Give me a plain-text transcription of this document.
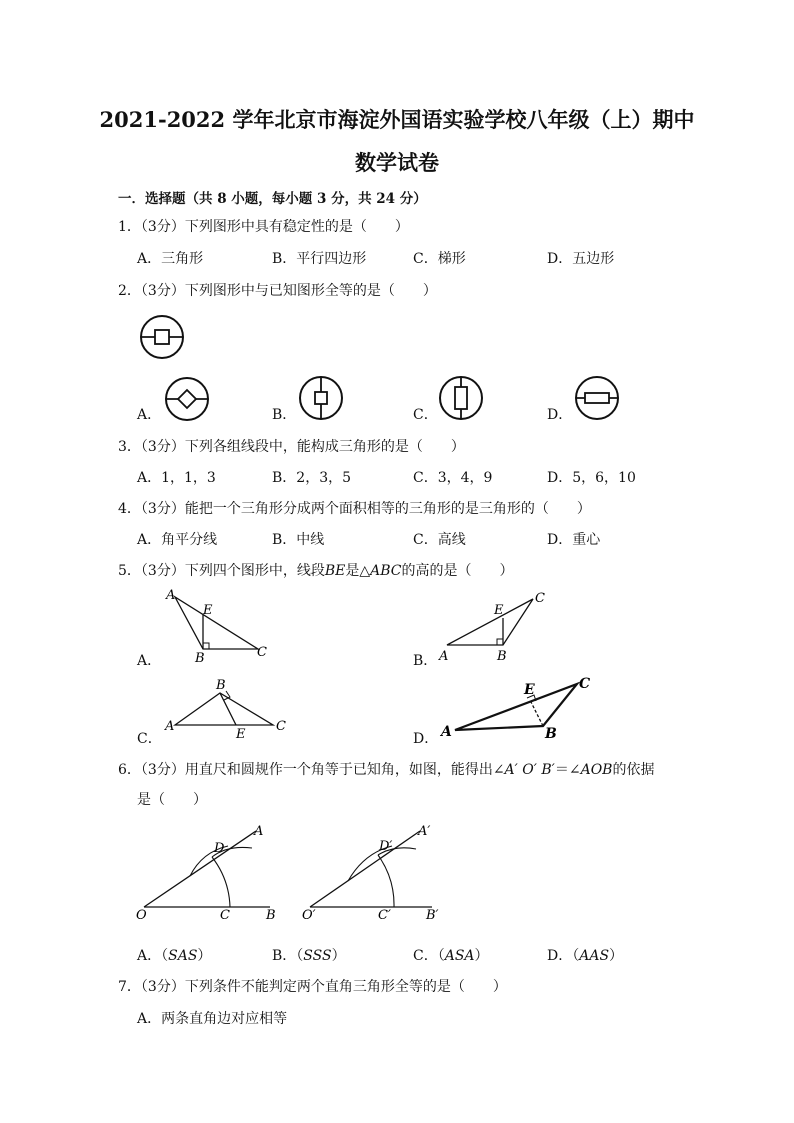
2021-2022 学年北京市海淀外国语实验学校八年级（上）期中
数学试卷
一．选择题（共 8 小题，每小题 3 分，共 24 分）
1．（3分）下列图形中具有稳定性的是（　　）
A．三角形	B．平行四边形	C．梯形	D．五边形
2．（3分）下列图形中与已知图形全等的是（　　）
A．	B．	C．	D．
3．（3分）下列各组线段中，能构成三角形的是（　　）
A．1，1，3	B．2，3，5	C．3，4，9	D．5，6，10
4．（3分）能把一个三角形分成两个面积相等的三角形的是三角形的（　　）
A．角平分线	B．中线	C．高线	D．重心
5．（3分）下列四个图形中，线段BE是△ABC的高的是（　　）
A．
A
E
B	C
B． A
E
B
C
C．
A
B
E
C
D． A
E
B
C
6．（3分）用直尺和圆规作一个角等于已知角，如图，能得出∠A′ O′ B′＝∠AOB的依据
是（　　）
O	C	B
D
A
O′	C′	B′
D′
A′
A．（SAS）	B．（SSS）	C．（ASA）	D．（AAS）
7．（3分）下列条件不能判定两个直角三角形全等的是（　　）
A．两条直角边对应相等
